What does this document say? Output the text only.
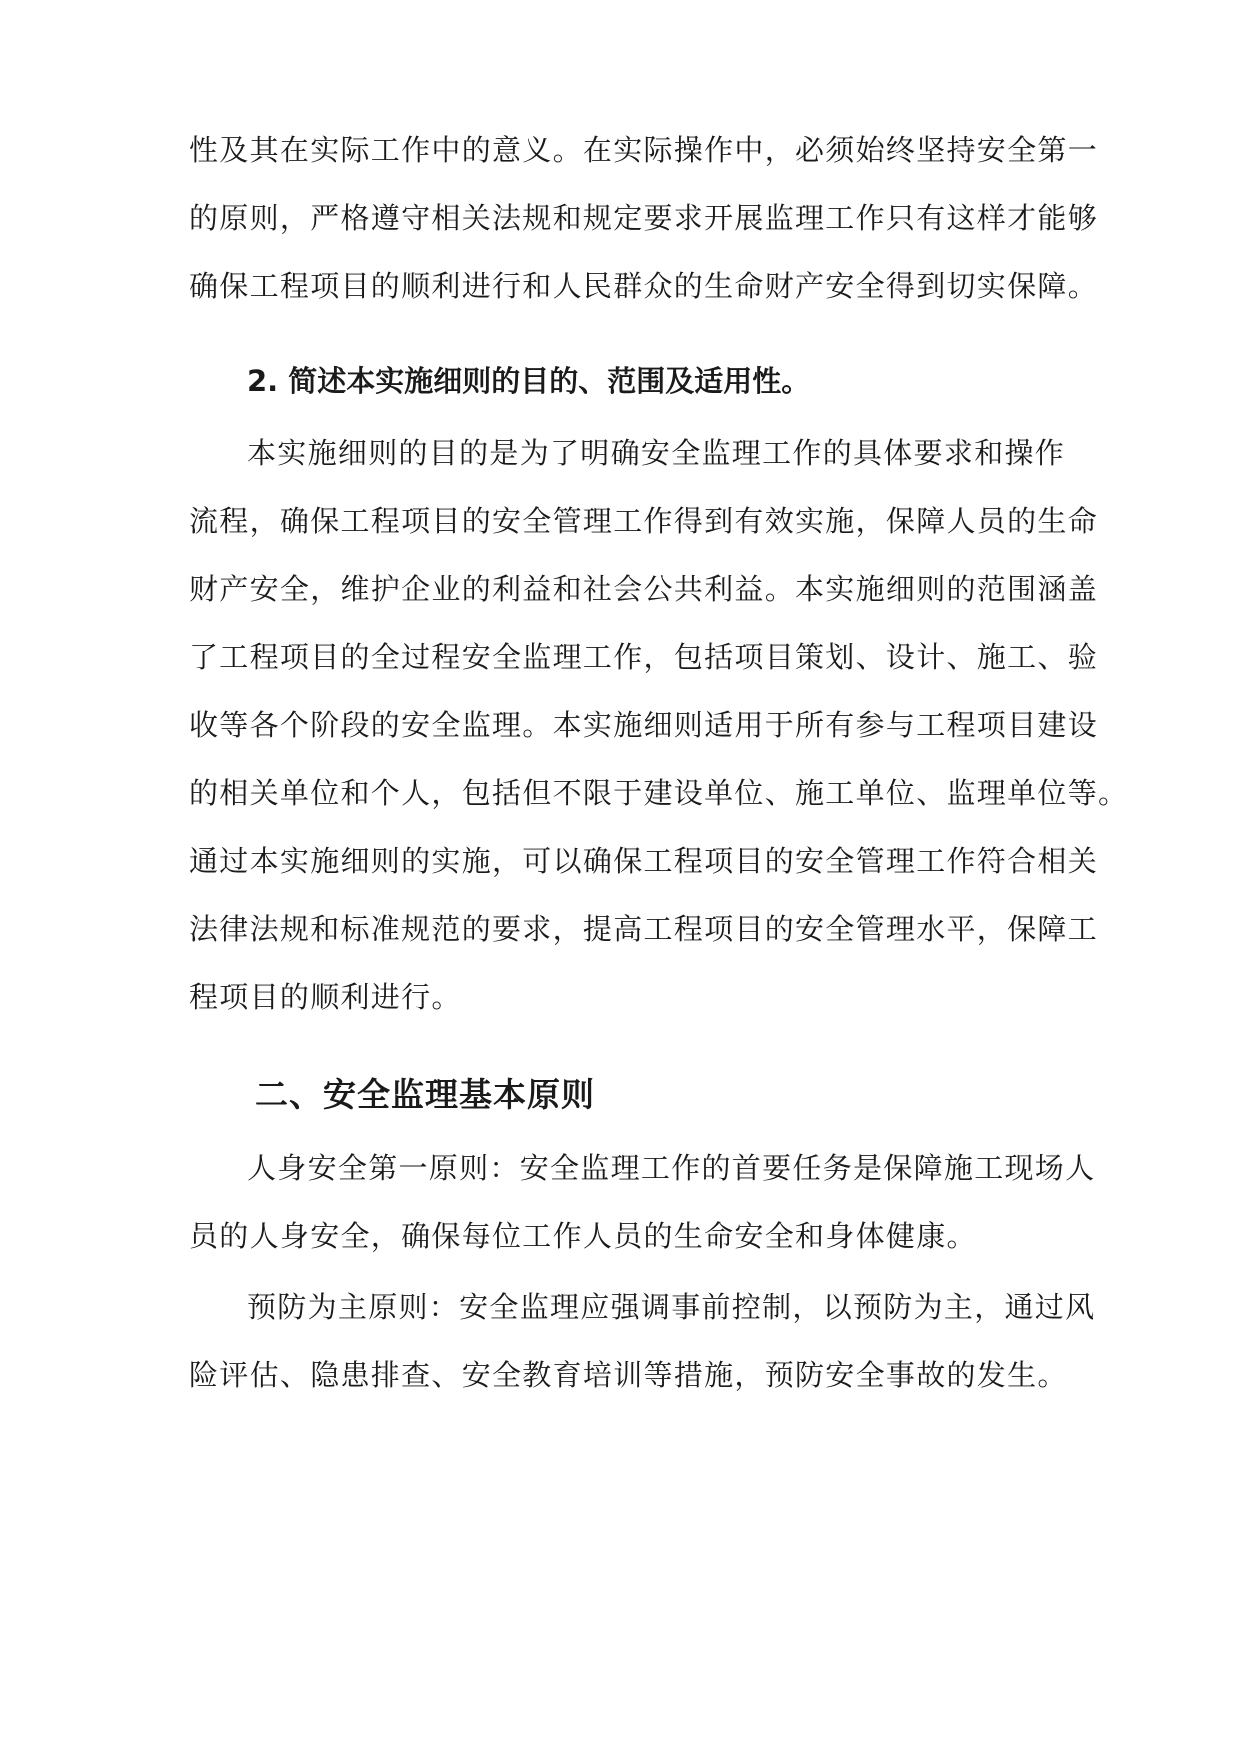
性及其在实际工作中的意义。在实际操作中，必须始终坚持安全第一
的原则，严格遵守相关法规和规定要求开展监理工作只有这样才能够
确保工程项目的顺利进行和人民群众的生命财产安全得到切实保障。
2. 简述本实施细则的目的、范围及适用性。
本实施细则的目的是为了明确安全监理工作的具体要求和操作
流程，确保工程项目的安全管理工作得到有效实施，保障人员的生命
财产安全，维护企业的利益和社会公共利益。本实施细则的范围涵盖
了工程项目的全过程安全监理工作，包括项目策划、设计、施工、验
收等各个阶段的安全监理。本实施细则适用于所有参与工程项目建设
的相关单位和个人，包括但不限于建设单位、施工单位、监理单位等。
通过本实施细则的实施，可以确保工程项目的安全管理工作符合相关
法律法规和标准规范的要求，提高工程项目的安全管理水平，保障工
程项目的顺利进行。
二、安全监理基本原则
人身安全第一原则：安全监理工作的首要任务是保障施工现场人
员的人身安全，确保每位工作人员的生命安全和身体健康。
预防为主原则：安全监理应强调事前控制，以预防为主，通过风
险评估、隐患排查、安全教育培训等措施，预防安全事故的发生。
